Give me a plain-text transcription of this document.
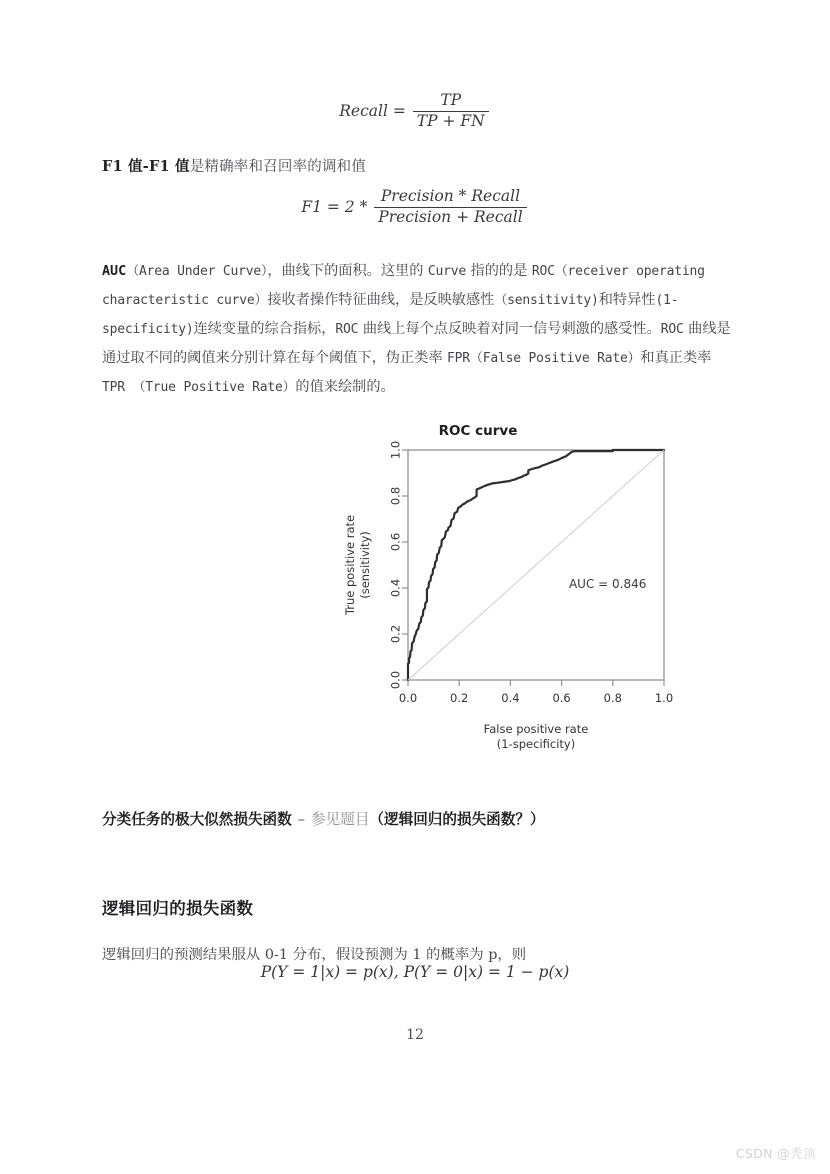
Recall = $\frac{TP}{TP + FN}$
F1 值-F1 值是精确率和召回率的调和值
$F1 = 2 * \frac{\text{Precision * Recall}}{\text{Precision + Recall}}$

AUC（Area Under Curve），曲线下的面积。这里的 Curve 指的的是 ROC（receiver operating characteristic curve）接收者操作特征曲线，是反映敏感性（sensitivity)和特异性(1-specificity)连续变量的综合指标，ROC 曲线上每个点反映着对同一信号刺激的感受性。ROC 曲线是通过取不同的阈值来分别计算在每个阈值下，伪正类率 FPR（False Positive Rate）和真正类率 TPR （True Positive Rate）的值来绘制的。

ROC curve
0.0	0.2	0.4	0.6	0.8	1.0
0.0
0.2
0.4
0.6
0.8
1.0
AUC = 0.846
False positive rate
(1-specificity)
True positive rate (sensitivity)
分类任务的极大似然损失函数 – 参见题目（逻辑回归的损失函数？）
逻辑回归的损失函数

逻辑回归的预测结果服从 0-1 分布，假设预测为 1 的概率为 p，则

P(Y = 1|x) = p(x), P(Y = 0|x) = 1 − p(x)
12
CSDN @秃顶
